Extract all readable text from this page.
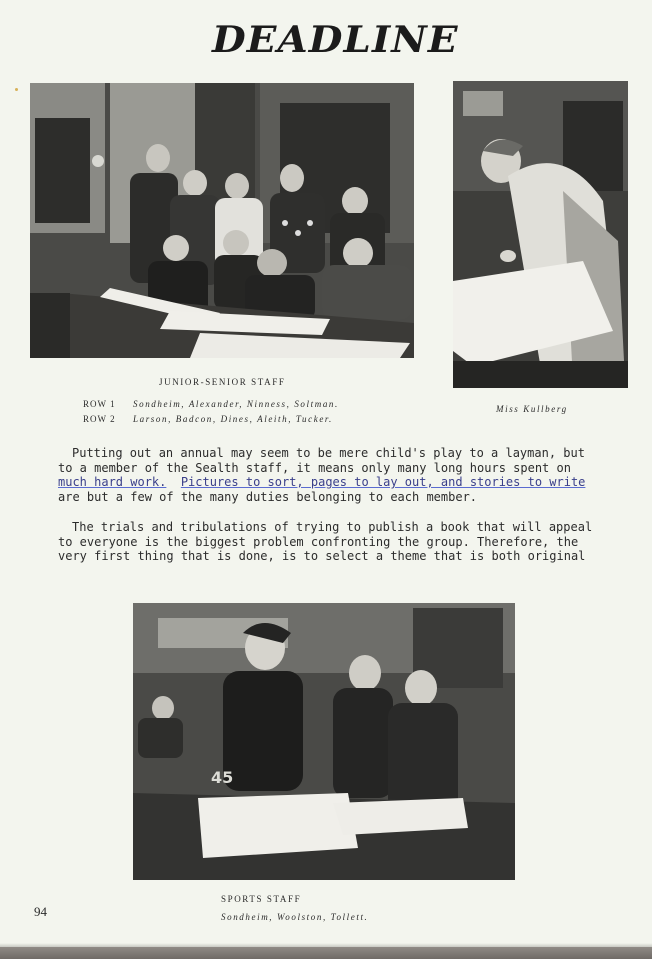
DEADLINE
JUNIOR-SENIOR STAFF
ROW 1 Sondheim, Alexander, Ninness, Soltman.
ROW 2 Larson, Badcon, Dines, Aleith, Tucker.
Miss Kullberg
Putting out an annual may seem to be mere child's play to a layman, but
to a member of the Sealth staff, it means only many long hours spent on
much hard work. Pictures to sort, pages to lay out, and stories to write
are but a few of the many duties belonging to each member.
The trials and tribulations of trying to publish a book that will appeal
to everyone is the biggest problem confronting the group. Therefore, the
very first thing that is done, is to select a theme that is both original
45
SPORTS STAFF
Sondheim, Woolston, Tollett.
94
